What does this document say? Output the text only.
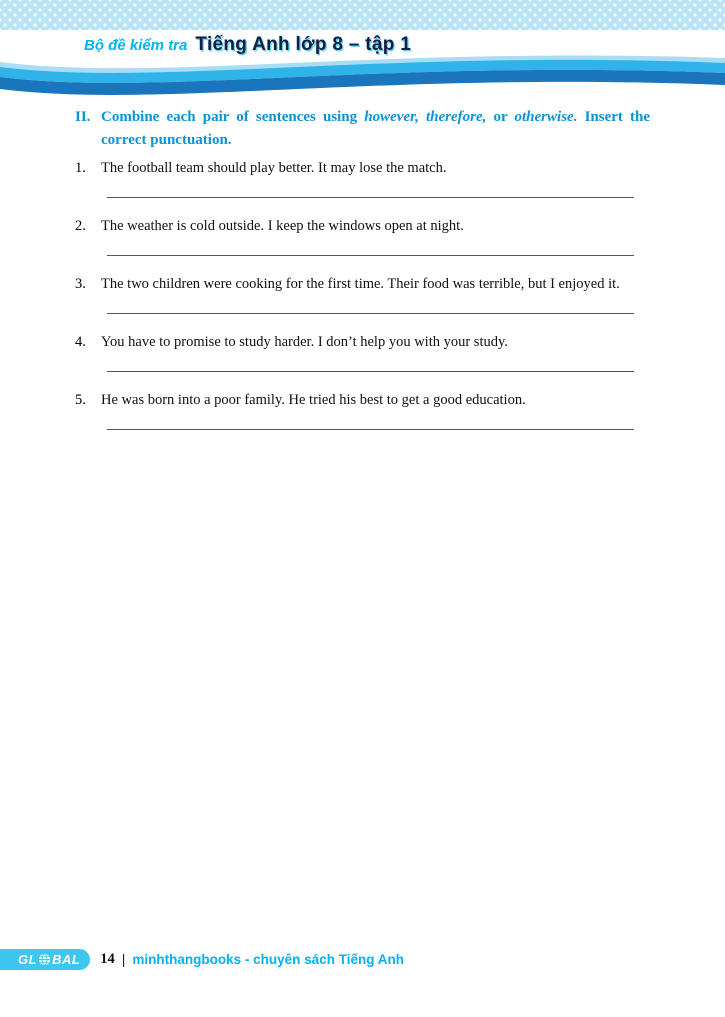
Bộ đề kiểm tra Tiếng Anh lớp 8 – tập 1
II. Combine each pair of sentences using however, therefore, or otherwise. Insert the correct punctuation.

1.	The football team should play better. It may lose the match.

2.	The weather is cold outside. I keep the windows open at night.

3.	The two children were cooking for the first time. Their food was terrible, but I enjoyed it.

4.	You have to promise to study harder. I don’t help you with your study.

5.	He was born into a poor family. He tried his best to get a good education.

GL BAL 14 | minhthangbooks - chuyên sách Tiếng Anh
